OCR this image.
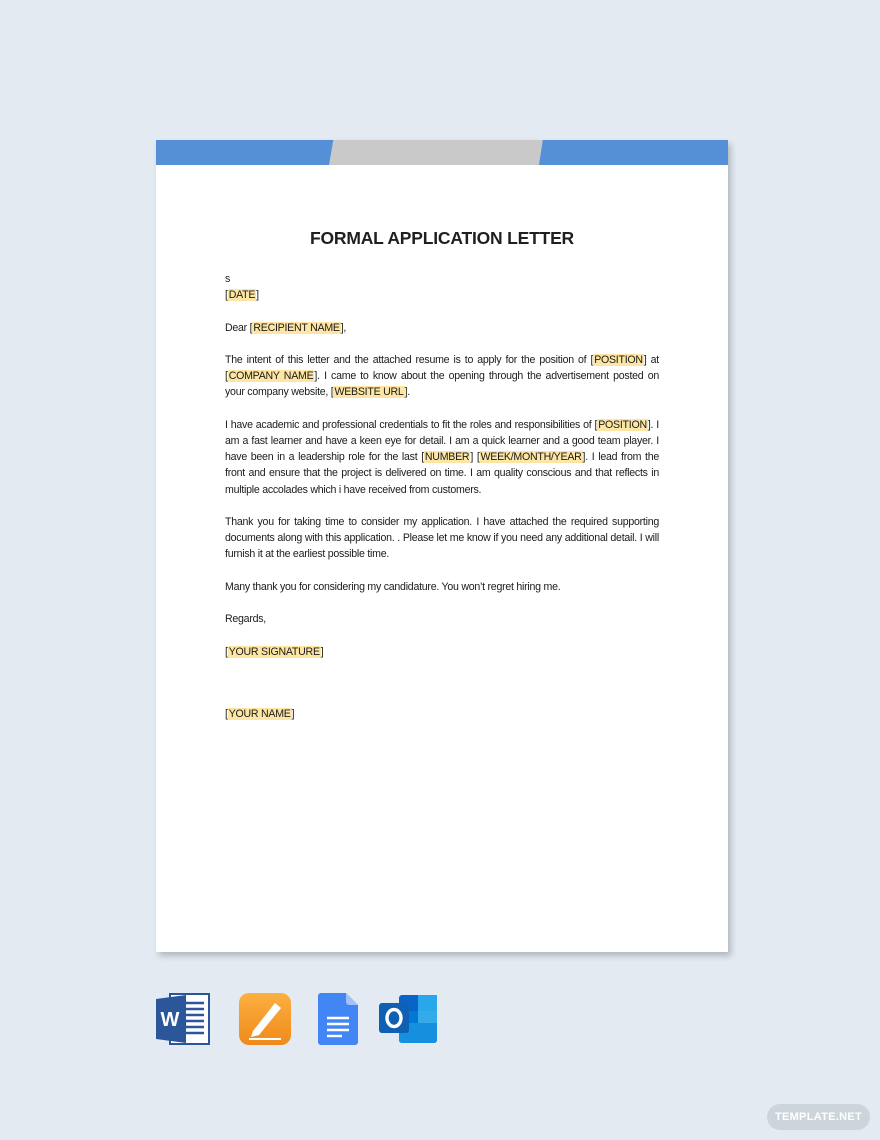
FORMAL APPLICATION LETTER

s

[DATE]

Dear [RECIPIENT NAME],

The intent of this letter and the attached resume is to apply for the position of [POSITION] at [COMPANY NAME]. I came to know about the opening through the advertisement posted on your company website, [WEBSITE URL].

I have academic and professional credentials to fit the roles and responsibilities of [POSITION]. I am a fast learner and have a keen eye for detail. I am a quick learner and a good team player. I have been in a leadership role for the last [NUMBER] [WEEK/MONTH/YEAR]. I lead from the front and ensure that the project is delivered on time. I am quality conscious and that reflects in multiple accolades which i have received from customers.

Thank you for taking time to consider my application. I have attached the required supporting documents along with this application. . Please let me know if you need any additional detail. I will furnish it at the earliest possible time.

Many thank you for considering my candidature. You won’t regret hiring me.

Regards,

[YOUR SIGNATURE]

[YOUR NAME]

W
TEMPLATE.NET
